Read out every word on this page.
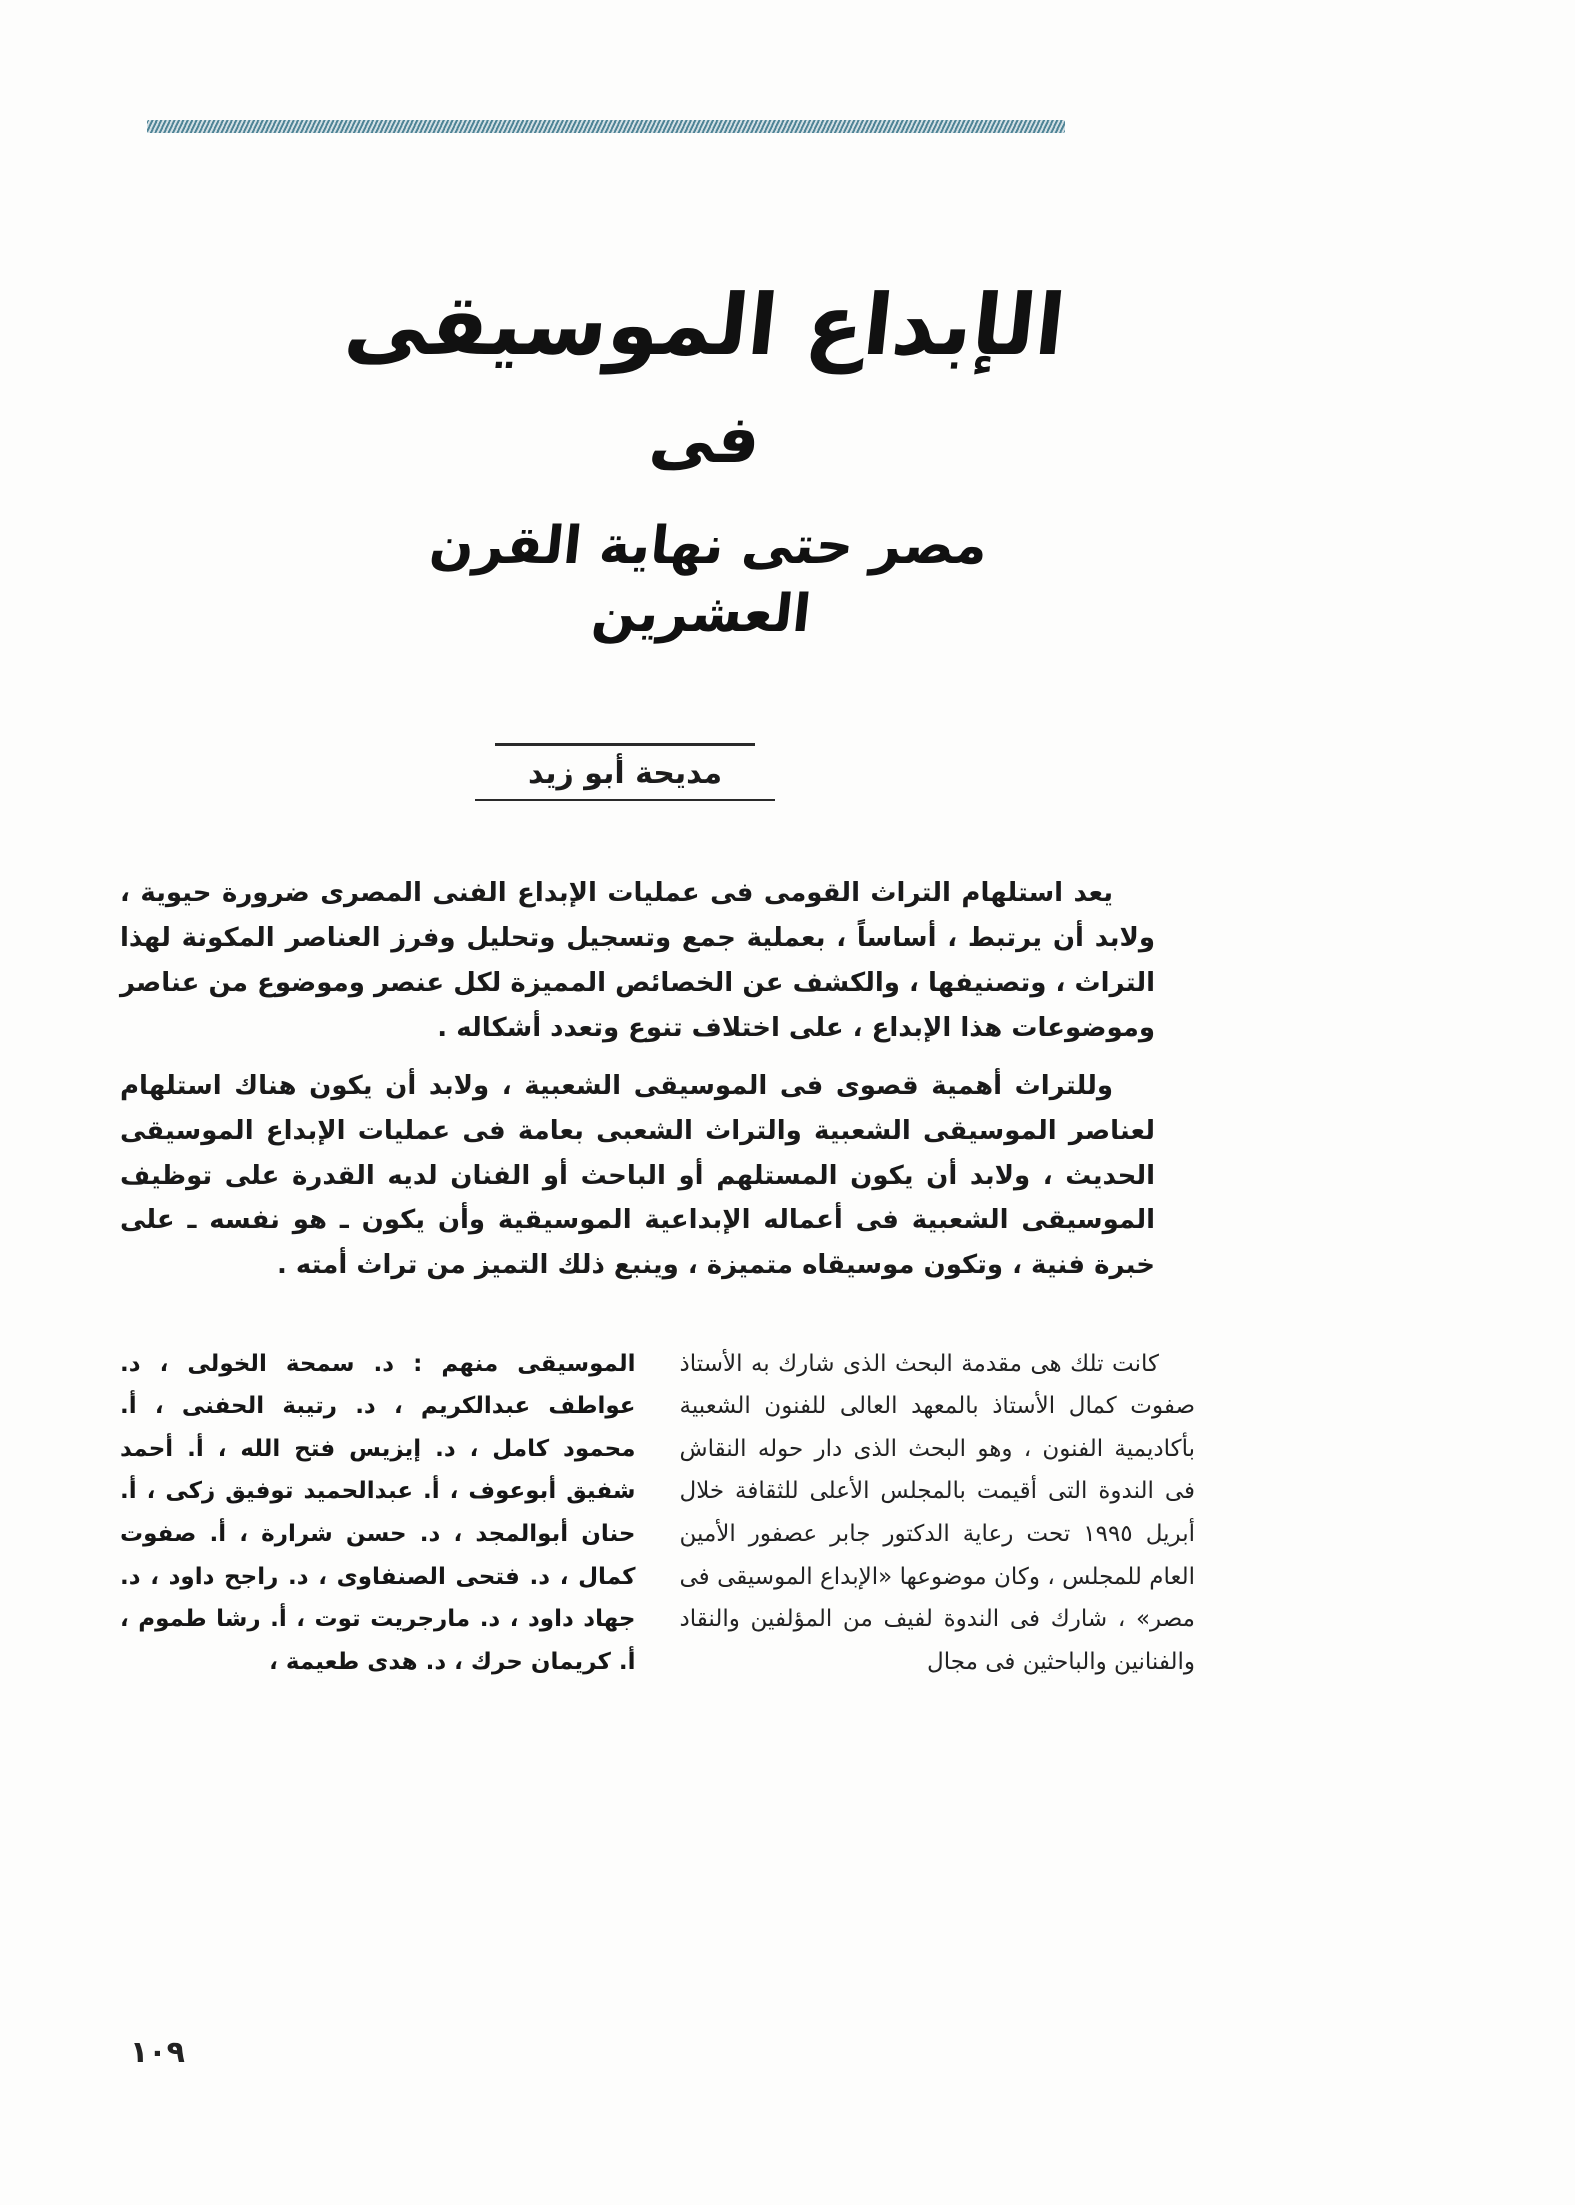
الإبداع الموسيقى
فى
مصر حتى نهاية القرن العشرين
مديحة أبو زيد

يعد استلهام التراث القومى فى عمليات الإبداع الفنى المصرى ضرورة حيوية ، ولابد أن يرتبط ، أساساً ، بعملية جمع وتسجيل وتحليل وفرز العناصر المكونة لهذا التراث ، وتصنيفها ، والكشف عن الخصائص المميزة لكل عنصر وموضوع من عناصر وموضوعات هذا الإبداع ، على اختلاف تنوع وتعدد أشكاله .

وللتراث أهمية قصوى فى الموسيقى الشعبية ، ولابد أن يكون هناك استلهام لعناصر الموسيقى الشعبية والتراث الشعبى بعامة فى عمليات الإبداع الموسيقى الحديث ، ولابد أن يكون المستلهم أو الباحث أو الفنان لديه القدرة على توظيف الموسيقى الشعبية فى أعماله الإبداعية الموسيقية وأن يكون ـ هو نفسه ـ على خبرة فنية ، وتكون موسيقاه متميزة ، وينبع ذلك التميز من تراث أمته .

كانت تلك هى مقدمة البحث الذى شارك به الأستاذ صفوت كمال الأستاذ بالمعهد العالى للفنون الشعبية بأكاديمية الفنون ، وهو البحث الذى دار حوله النقاش فى الندوة التى أقيمت بالمجلس الأعلى للثقافة خلال أبريل ١٩٩٥ تحت رعاية الدكتور جابر عصفور الأمين العام للمجلس ، وكان موضوعها «الإبداع الموسيقى فى مصر» ، شارك فى الندوة لفيف من المؤلفين والنقاد والفنانين والباحثين فى مجال

الموسيقى منهم : د. سمحة الخولى ، د. عواطف عبدالكريم ، د. رتيبة الحفنى ، أ. محمود كامل ، د. إيزيس فتح الله ، أ. أحمد شفيق أبوعوف ، أ. عبدالحميد توفيق زكى ، أ. حنان أبوالمجد ، د. حسن شرارة ، أ. صفوت كمال ، د. فتحى الصنفاوى ، د. راجح داود ، د. جهاد داود ، د. مارجريت توت ، أ. رشا طموم ، أ. كريمان حرك ، د. هدى طعيمة ،

١٠٩
